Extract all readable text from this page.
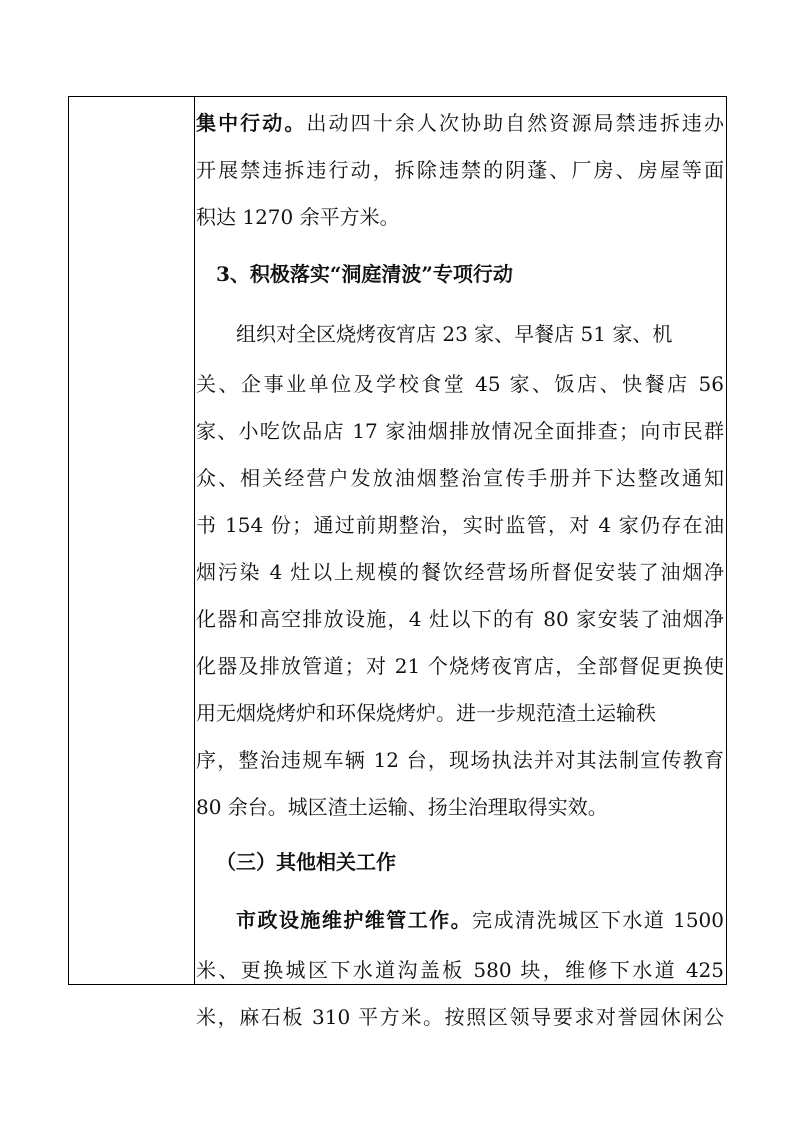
集中行动。出动四十余人次协助自然资源局禁违拆违办
开展禁违拆违行动，拆除违禁的阴蓬、厂房、房屋等面
积达 1270 余平方米。
3、积极落实“洞庭清波”专项行动
组织对全区烧烤夜宵店 23 家、早餐店 51 家、机
关、企事业单位及学校食堂 45 家、饭店、快餐店 56
家、小吃饮品店 17 家油烟排放情况全面排查；向市民群
众、相关经营户发放油烟整治宣传手册并下达整改通知
书 154 份；通过前期整治，实时监管，对 4 家仍存在油
烟污染 4 灶以上规模的餐饮经营场所督促安装了油烟净
化器和高空排放设施，4 灶以下的有 80 家安装了油烟净
化器及排放管道；对 21 个烧烤夜宵店，全部督促更换使
用无烟烧烤炉和环保烧烤炉。进一步规范渣土运输秩
序，整治违规车辆 12 台，现场执法并对其法制宣传教育
80 余台。城区渣土运输、扬尘治理取得实效。
（三）其他相关工作
市政设施维护维管工作。完成清洗城区下水道 1500
米、更换城区下水道沟盖板 580 块，维修下水道 425
米，麻石板 310 平方米。按照区领导要求对誉园休闲公
